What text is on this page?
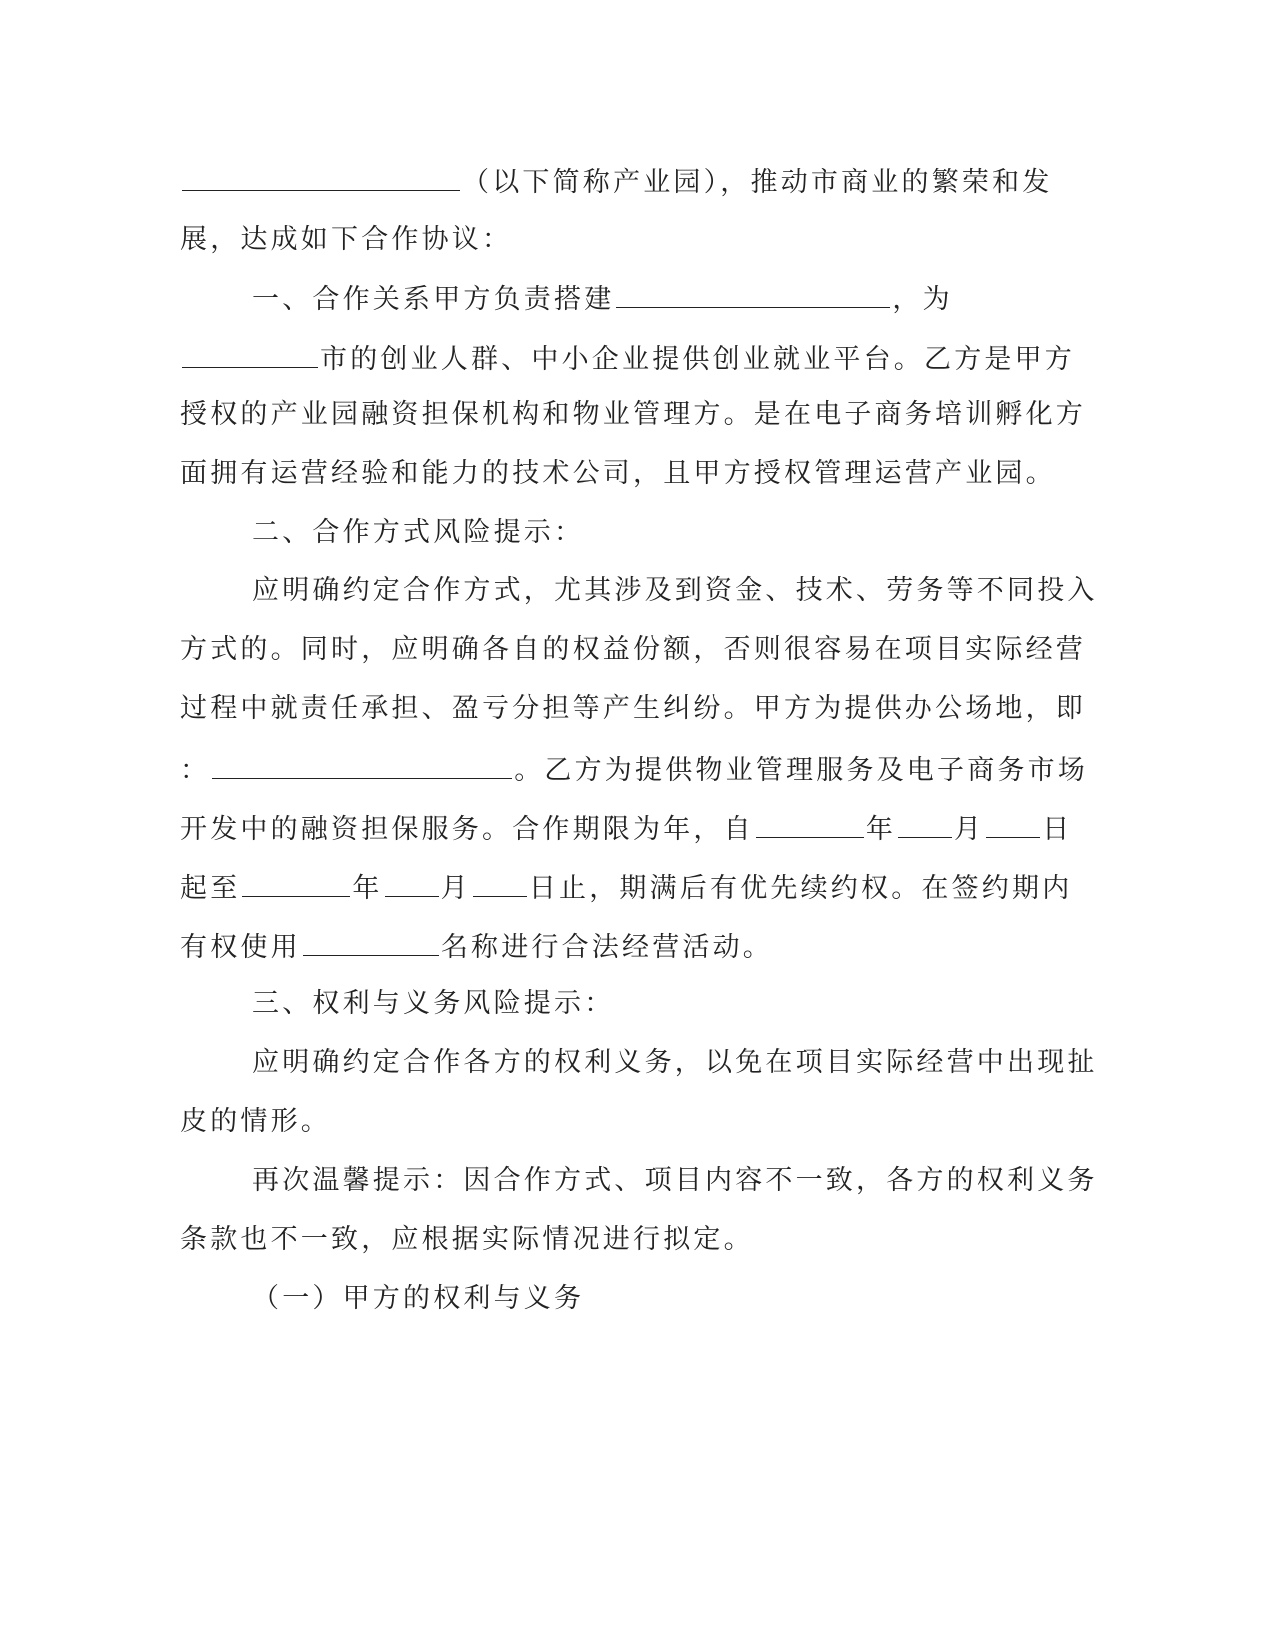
（以下简称产业园），推动市商业的繁荣和发
展，达成如下合作协议：
一、合作关系甲方负责搭建	，为
市的创业人群、中小企业提供创业就业平台。乙方是甲方
授权的产业园融资担保机构和物业管理方。是在电子商务培训孵化方
面拥有运营经验和能力的技术公司，且甲方授权管理运营产业园。
二、合作方式风险提示：
应明确约定合作方式，尤其涉及到资金、技术、劳务等不同投入
方式的。同时，应明确各自的权益份额，否则很容易在项目实际经营
过程中就责任承担、盈亏分担等产生纠纷。甲方为提供办公场地，即
：	。乙方为提供物业管理服务及电子商务市场
开发中的融资担保服务。合作期限为年，自	年 月 日
起至	年 月 日止，期满后有优先续约权。在签约期内
有权使用	名称进行合法经营活动。
三、权利与义务风险提示：
应明确约定合作各方的权利义务，以免在项目实际经营中出现扯
皮的情形。
再次温馨提示：因合作方式、项目内容不一致，各方的权利义务
条款也不一致，应根据实际情况进行拟定。
（一）甲方的权利与义务
